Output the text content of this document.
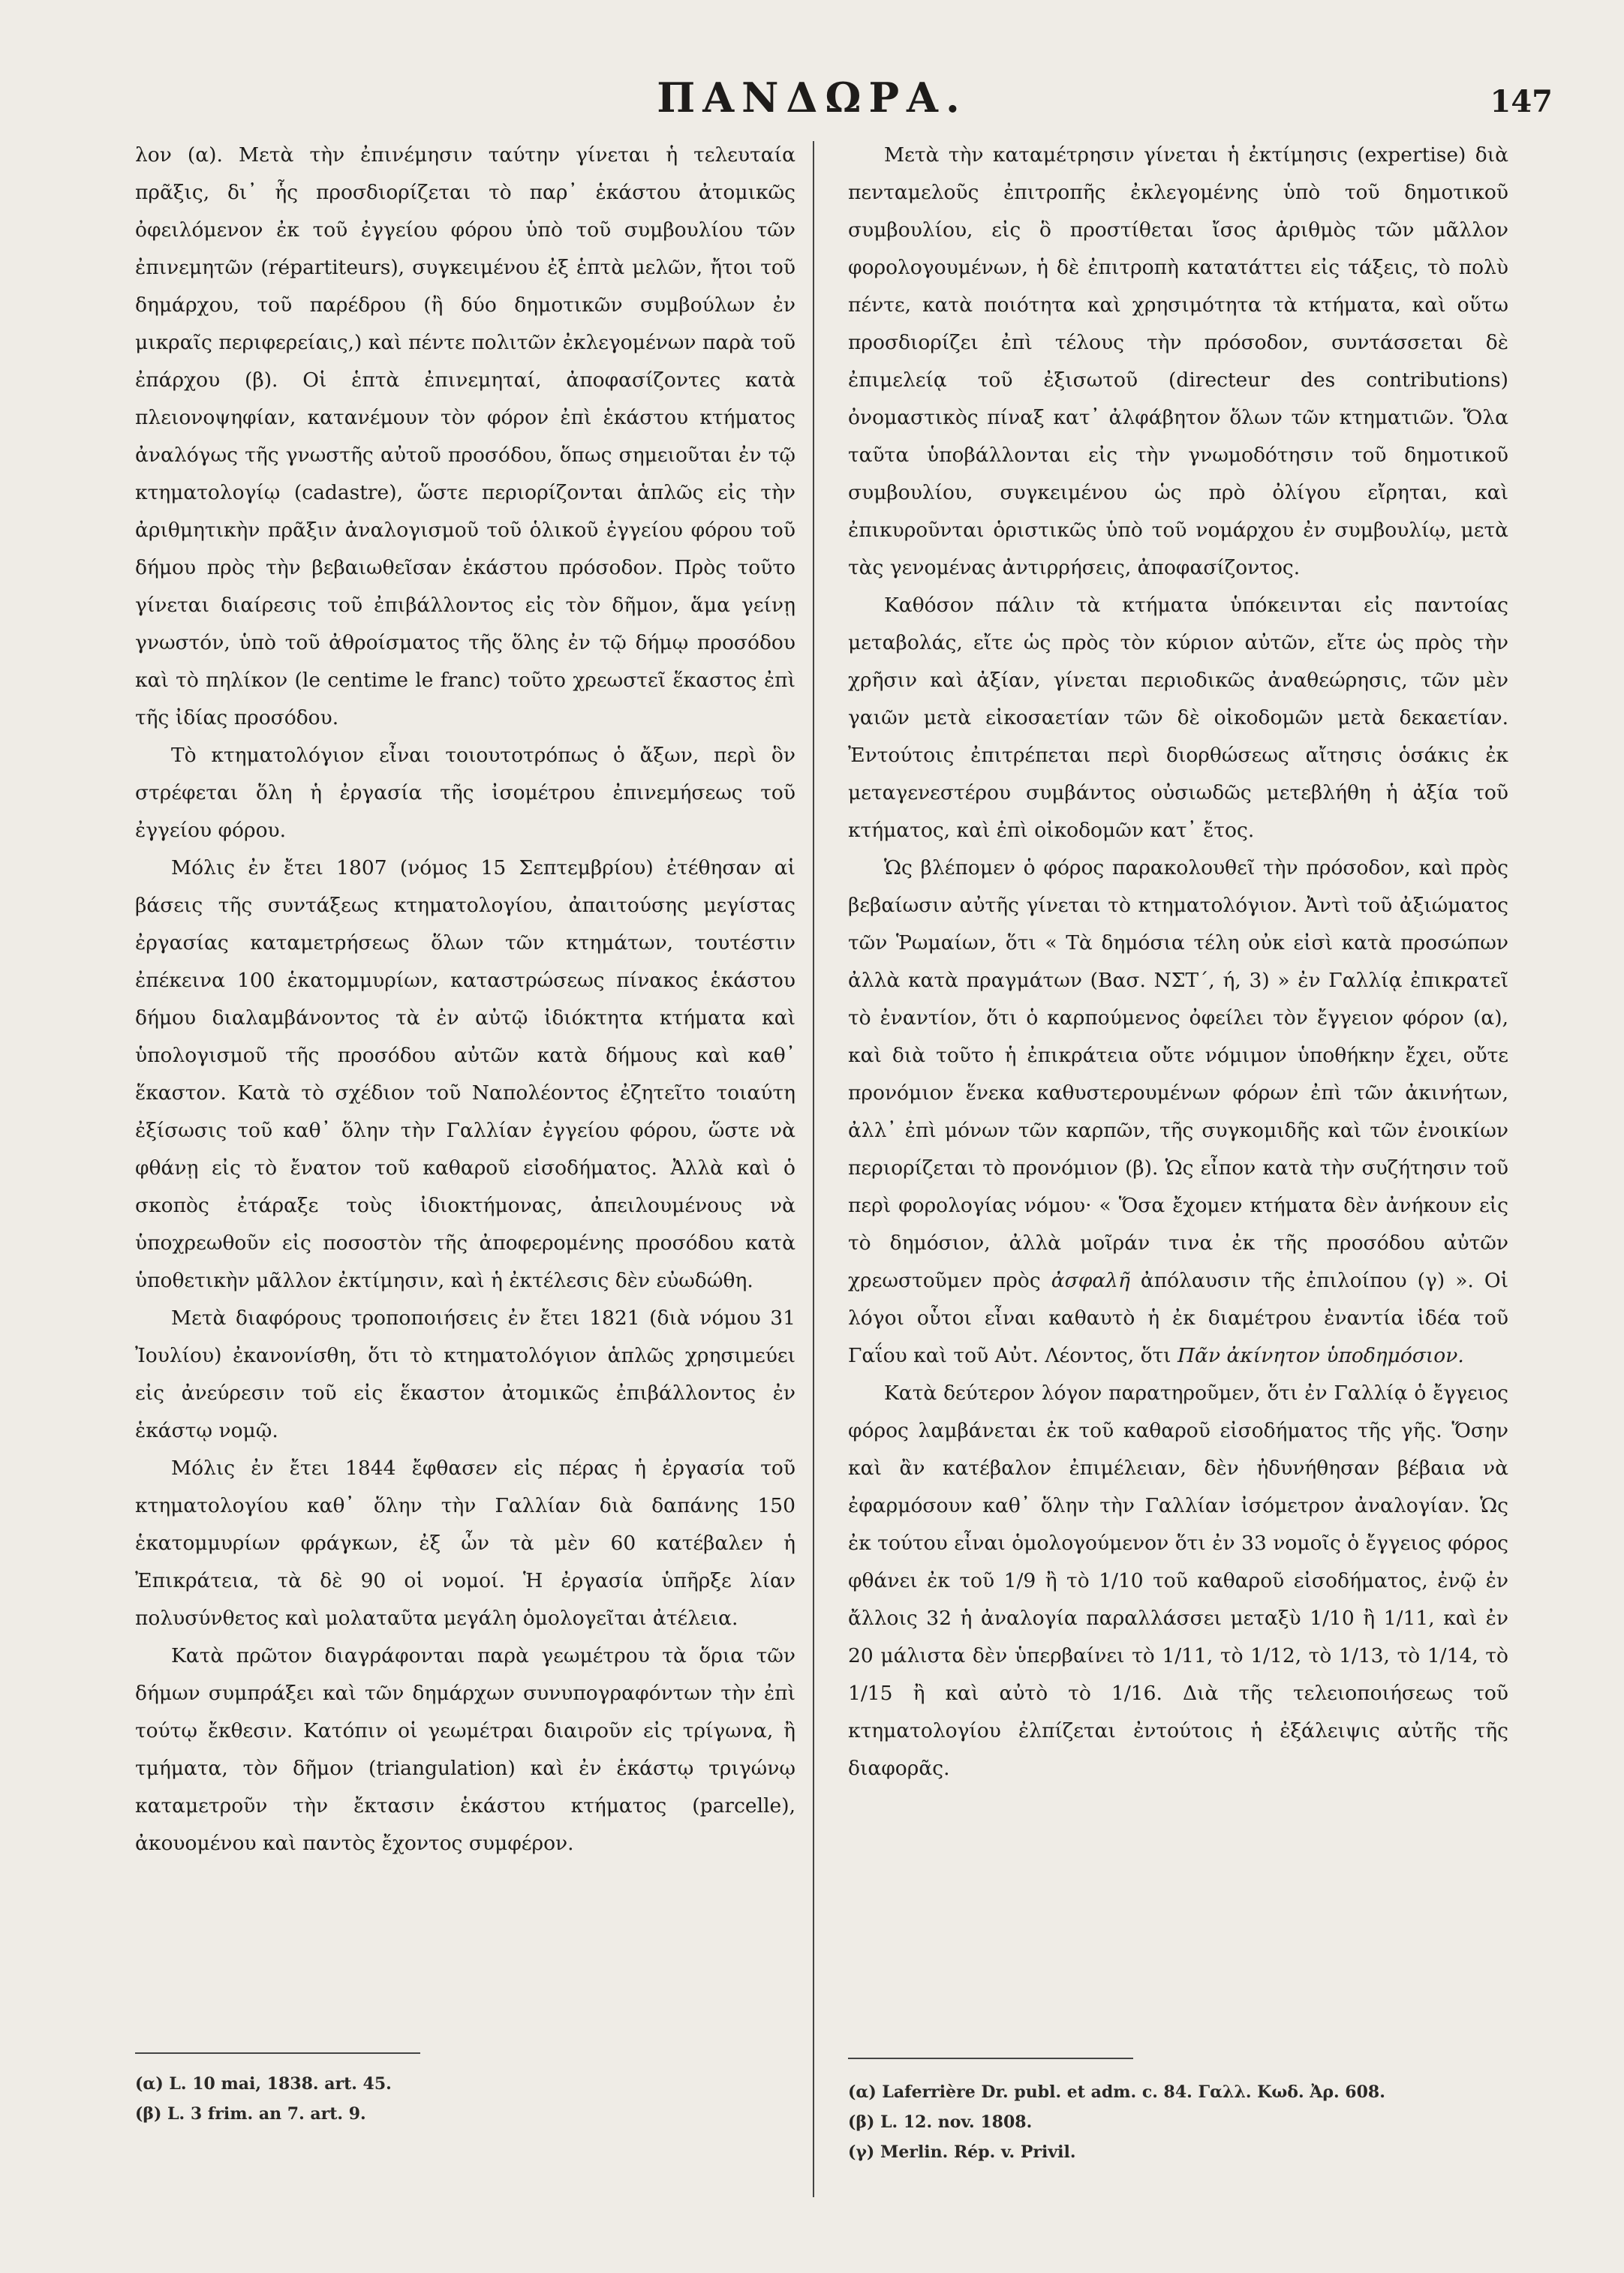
ΠΑΝΔΩΡΑ.	147

λον (α). Μετὰ τὴν ἐπινέμησιν ταύτην γίνεται ἡ τελευταία πρᾶξις, δι᾽ ἧς προσδιορίζεται τὸ παρ᾽ ἑκάστου ἀτομικῶς ὀφειλόμενον ἐκ τοῦ ἐγγείου φόρου ὑπὸ τοῦ συμβουλίου τῶν ἐπινεμητῶν (répartiteurs), συγκειμένου ἐξ ἑπτὰ μελῶν, ἤτοι τοῦ δημάρχου, τοῦ παρέδρου (ἢ δύο δημοτικῶν συμβούλων ἐν μικραῖς περιφερείαις,) καὶ πέντε πολιτῶν ἐκλεγομένων παρὰ τοῦ ἐπάρχου (β). Οἱ ἑπτὰ ἐπινεμηταί, ἀποφασίζοντες κατὰ πλειονοψηφίαν, κατανέμουν τὸν φόρον ἐπὶ ἑκάστου κτήματος ἀναλόγως τῆς γνωστῆς αὐτοῦ προσόδου, ὅπως σημειοῦται ἐν τῷ κτηματολογίῳ (cadastre), ὥστε περιορίζονται ἁπλῶς εἰς τὴν ἀριθμητικὴν πρᾶξιν ἀναλογισμοῦ τοῦ ὁλικοῦ ἐγγείου φόρου τοῦ δήμου πρὸς τὴν βεβαιωθεῖσαν ἑκάστου πρόσοδον. Πρὸς τοῦτο γίνεται διαίρεσις τοῦ ἐπιβάλλοντος εἰς τὸν δῆμον, ἅμα γείνῃ γνωστόν, ὑπὸ τοῦ ἀθροίσματος τῆς ὅλης ἐν τῷ δήμῳ προσόδου καὶ τὸ πηλίκον (le centime le franc) τοῦτο χρεωστεῖ ἕκαστος ἐπὶ τῆς ἰδίας προσόδου.

Τὸ κτηματολόγιον εἶναι τοιουτοτρόπως ὁ ἄξων, περὶ ὃν στρέφεται ὅλη ἡ ἐργασία τῆς ἰσομέτρου ἐπινεμήσεως τοῦ ἐγγείου φόρου.

Μόλις ἐν ἔτει 1807 (νόμος 15 Σεπτεμβρίου) ἐτέθησαν αἱ βάσεις τῆς συντάξεως κτηματολογίου, ἀπαιτούσης μεγίστας ἐργασίας καταμετρήσεως ὅλων τῶν κτημάτων, τουτέστιν ἐπέκεινα 100 ἑκατομμυρίων, καταστρώσεως πίνακος ἑκάστου δήμου διαλαμβάνοντος τὰ ἐν αὐτῷ ἰδιόκτητα κτήματα καὶ ὑπολογισμοῦ τῆς προσόδου αὐτῶν κατὰ δήμους καὶ καθ᾽ ἕκαστον. Κατὰ τὸ σχέδιον τοῦ Ναπολέοντος ἐζητεῖτο τοιαύτη ἐξίσωσις τοῦ καθ᾽ ὅλην τὴν Γαλλίαν ἐγγείου φόρου, ὥστε νὰ φθάνῃ εἰς τὸ ἔνατον τοῦ καθαροῦ εἰσοδήματος. Ἀλλὰ καὶ ὁ σκοπὸς ἐτάραξε τοὺς ἰδιοκτήμονας, ἀπειλουμένους νὰ ὑποχρεωθοῦν εἰς ποσοστὸν τῆς ἀποφερομένης προσόδου κατὰ ὑποθετικὴν μᾶλλον ἐκτίμησιν, καὶ ἡ ἐκτέλεσις δὲν εὐωδώθη.

Μετὰ διαφόρους τροποποιήσεις ἐν ἔτει 1821 (διὰ νόμου 31 Ἰουλίου) ἐκανονίσθη, ὅτι τὸ κτηματολόγιον ἁπλῶς χρησιμεύει εἰς ἀνεύρεσιν τοῦ εἰς ἕκαστον ἀτομικῶς ἐπιβάλλοντος ἐν ἑκάστῳ νομῷ.

Μόλις ἐν ἔτει 1844 ἔφθασεν εἰς πέρας ἡ ἐργασία τοῦ κτηματολογίου καθ᾽ ὅλην τὴν Γαλλίαν διὰ δαπάνης 150 ἑκατομμυρίων φράγκων, ἐξ ὧν τὰ μὲν 60 κατέβαλεν ἡ Ἐπικράτεια, τὰ δὲ 90 οἱ νομοί. Ἡ ἐργασία ὑπῆρξε λίαν πολυσύνθετος καὶ μολαταῦτα μεγάλη ὁμολογεῖται ἀτέλεια.

Κατὰ πρῶτον διαγράφονται παρὰ γεωμέτρου τὰ ὅρια τῶν δήμων συμπράξει καὶ τῶν δημάρχων συνυπογραφόντων τὴν ἐπὶ τούτῳ ἔκθεσιν. Κατόπιν οἱ γεωμέτραι διαιροῦν εἰς τρίγωνα, ἢ τμήματα, τὸν δῆμον (triangulation) καὶ ἐν ἑκάστῳ τριγώνῳ καταμετροῦν τὴν ἔκτασιν ἑκάστου κτήματος (parcelle), ἀκουομένου καὶ παντὸς ἔχοντος συμφέρον.

(α) L. 10 mai, 1838. art. 45.

(β) L. 3 frim. an 7. art. 9.

Μετὰ τὴν καταμέτρησιν γίνεται ἡ ἐκτίμησις (expertise) διὰ πενταμελοῦς ἐπιτροπῆς ἐκλεγομένης ὑπὸ τοῦ δημοτικοῦ συμβουλίου, εἰς ὃ προστίθεται ἴσος ἀριθμὸς τῶν μᾶλλον φορολογουμένων, ἡ δὲ ἐπιτροπὴ κατατάττει εἰς τάξεις, τὸ πολὺ πέντε, κατὰ ποιότητα καὶ χρησιμότητα τὰ κτήματα, καὶ οὕτω προσδιορίζει ἐπὶ τέλους τὴν πρόσοδον, συντάσσεται δὲ ἐπιμελείᾳ τοῦ ἐξισωτοῦ (directeur des contributions) ὀνομαστικὸς πίναξ κατ᾽ ἀλφάβητον ὅλων τῶν κτηματιῶν. Ὅλα ταῦτα ὑποβάλλονται εἰς τὴν γνωμοδότησιν τοῦ δημοτικοῦ συμβουλίου, συγκειμένου ὡς πρὸ ὀλίγου εἴρηται, καὶ ἐπικυροῦνται ὁριστικῶς ὑπὸ τοῦ νομάρχου ἐν συμβουλίῳ, μετὰ τὰς γενομένας ἀντιρρήσεις, ἀποφασίζοντος.

Καθόσον πάλιν τὰ κτήματα ὑπόκεινται εἰς παντοίας μεταβολάς, εἴτε ὡς πρὸς τὸν κύριον αὐτῶν, εἴτε ὡς πρὸς τὴν χρῆσιν καὶ ἀξίαν, γίνεται περιοδικῶς ἀναθεώρησις, τῶν μὲν γαιῶν μετὰ εἰκοσαετίαν τῶν δὲ οἰκοδομῶν μετὰ δεκαετίαν. Ἐντούτοις ἐπιτρέπεται περὶ διορθώσεως αἴτησις ὁσάκις ἐκ μεταγενεστέρου συμβάντος οὐσιωδῶς μετεβλήθη ἡ ἀξία τοῦ κτήματος, καὶ ἐπὶ οἰκοδομῶν κατ᾽ ἔτος.

Ὡς βλέπομεν ὁ φόρος παρακολουθεῖ τὴν πρόσοδον, καὶ πρὸς βεβαίωσιν αὐτῆς γίνεται τὸ κτηματολόγιον. Ἀντὶ τοῦ ἀξιώματος τῶν Ῥωμαίων, ὅτι « Τὰ δημόσια τέλη οὐκ εἰσὶ κατὰ προσώπων ἀλλὰ κατὰ πραγμάτων (Βασ. ΝΣΤ΄, ή, 3) » ἐν Γαλλίᾳ ἐπικρατεῖ τὸ ἐναντίον, ὅτι ὁ καρπούμενος ὀφείλει τὸν ἔγγειον φόρον (α), καὶ διὰ τοῦτο ἡ ἐπικράτεια οὔτε νόμιμον ὑποθήκην ἔχει, οὔτε προνόμιον ἕνεκα καθυστερουμένων φόρων ἐπὶ τῶν ἀκινήτων, ἀλλ᾽ ἐπὶ μόνων τῶν καρπῶν, τῆς συγκομιδῆς καὶ τῶν ἐνοικίων περιορίζεται τὸ προνόμιον (β). Ὡς εἶπον κατὰ τὴν συζήτησιν τοῦ περὶ φορολογίας νόμου· « Ὅσα ἔχομεν κτήματα δὲν ἀνήκουν εἰς τὸ δημόσιον, ἀλλὰ μοῖράν τινα ἐκ τῆς προσόδου αὐτῶν χρεωστοῦμεν πρὸς ἀσφαλῆ ἀπόλαυσιν τῆς ἐπιλοίπου (γ) ». Οἱ λόγοι οὗτοι εἶναι καθαυτὸ ἡ ἐκ διαμέτρου ἐναντία ἰδέα τοῦ Γαΐου καὶ τοῦ Αὐτ. Λέοντος, ὅτι Πᾶν ἀκίνητον ὑποδημόσιον.

Κατὰ δεύτερον λόγον παρατηροῦμεν, ὅτι ἐν Γαλλίᾳ ὁ ἔγγειος φόρος λαμβάνεται ἐκ τοῦ καθαροῦ εἰσοδήματος τῆς γῆς. Ὅσην καὶ ἂν κατέβαλον ἐπιμέλειαν, δὲν ἠδυνήθησαν βέβαια νὰ ἐφαρμόσουν καθ᾽ ὅλην τὴν Γαλλίαν ἰσόμετρον ἀναλογίαν. Ὡς ἐκ τούτου εἶναι ὁμολογούμενον ὅτι ἐν 33 νομοῖς ὁ ἔγγειος φόρος φθάνει ἐκ τοῦ 1/9 ἢ τὸ 1/10 τοῦ καθαροῦ εἰσοδήματος, ἐνῷ ἐν ἄλλοις 32 ἡ ἀναλογία παραλλάσσει μεταξὺ 1/10 ἢ 1/11, καὶ ἐν 20 μάλιστα δὲν ὑπερβαίνει τὸ 1/11, τὸ 1/12, τὸ 1/13, τὸ 1/14, τὸ 1/15 ἢ καὶ αὐτὸ τὸ 1/16. Διὰ τῆς τελειοποιήσεως τοῦ κτηματολογίου ἐλπίζεται ἐντούτοις ἡ ἐξάλειψις αὐτῆς τῆς διαφορᾶς.

(α) Laferrière Dr. publ. et adm. c. 84. Γαλλ. Κωδ. Ἀρ. 608.

(β) L. 12. nov. 1808.

(γ) Merlin. Rép. v. Privil.
